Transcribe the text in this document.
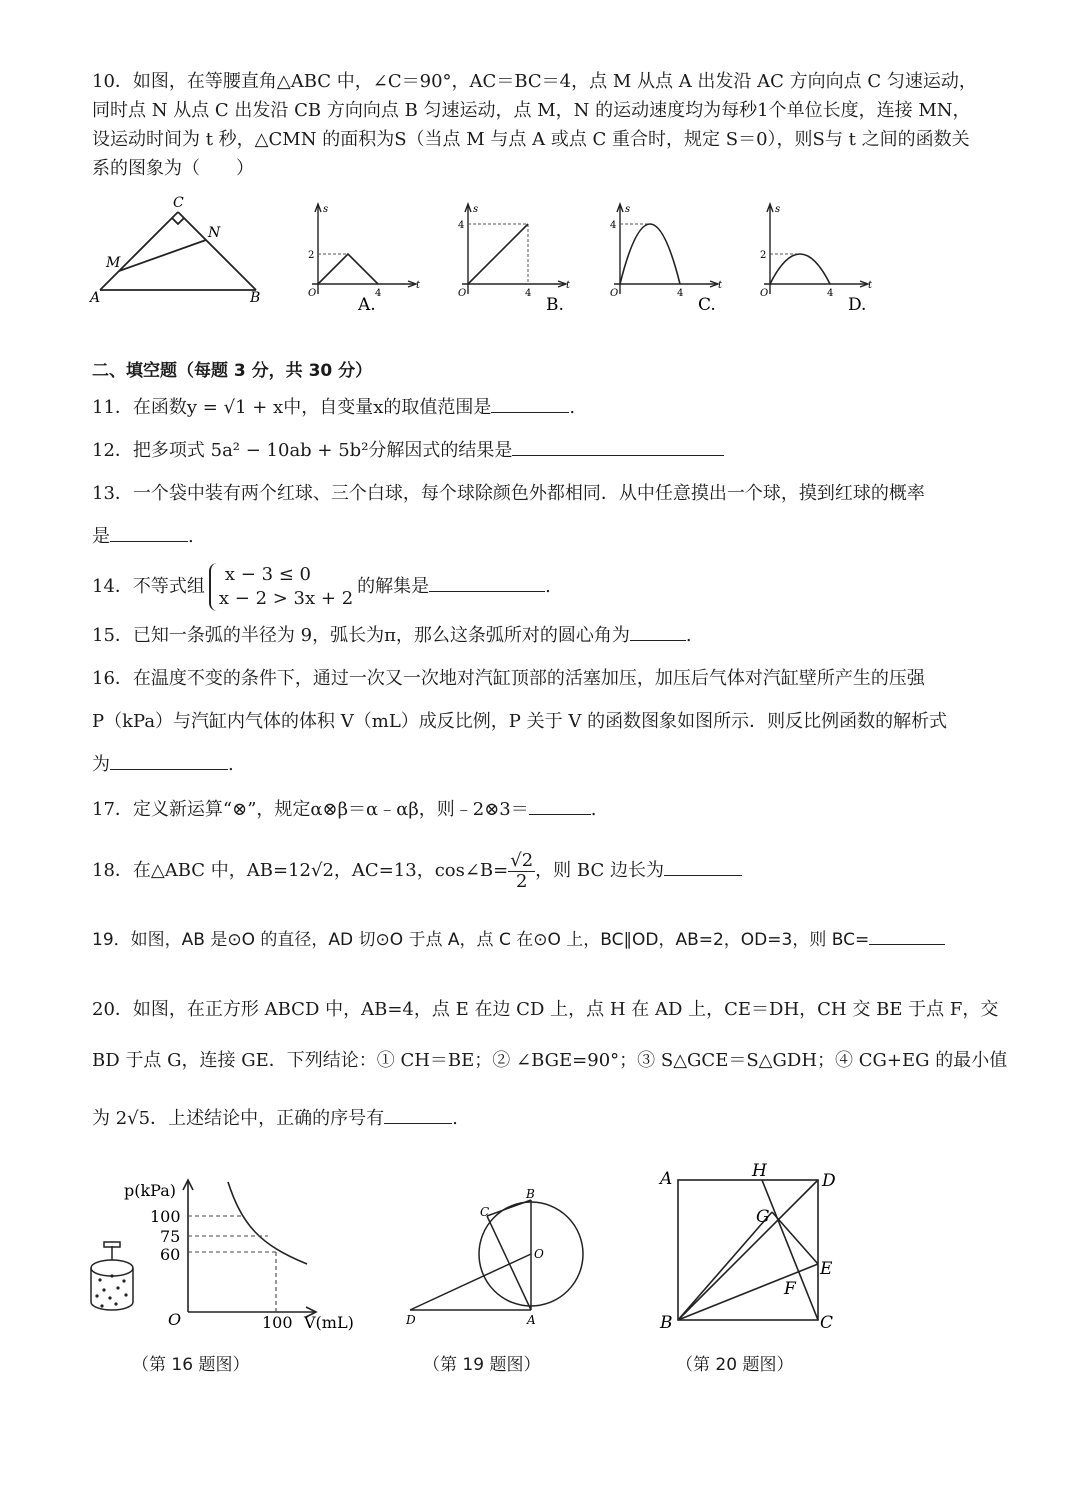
10．如图，在等腰直角△ABC 中，∠C＝90°，AC＝BC＝4，点 M 从点 A 出发沿 AC 方向向点 C 匀速运动，
同时点 N 从点 C 出发沿 CB 方向向点 B 匀速运动，点 M，N 的运动速度均为每秒1个单位长度，连接 MN，
设运动时间为 t 秒，△CMN 的面积为S（当点 M 与点 A 或点 C 重合时，规定 S＝0），则S与 t 之间的函数关
系的图象为（　　）
A	B
C
M
N
s
t
O
2
4
A.
s
t
O
4
4
B.
s
t
O
4
4
C.
s
t
O
2
4
D.
二、填空题（每题 3 分，共 30 分）
11．在函数y = √1 + x中，自变量x的取值范围是	.
12．把多项式 5a² − 10ab + 5b²分解因式的结果是
13．一个袋中装有两个红球、三个白球，每个球除颜色外都相同．从中任意摸出一个球，摸到红球的概率
是	.
14．不等式组
x − 3 ≤ 0
x − 2 > 3x + 2
的解集是	.
15．已知一条弧的半径为 9，弧长为π，那么这条弧所对的圆心角为	.
16．在温度不变的条件下，通过一次又一次地对汽缸顶部的活塞加压，加压后气体对汽缸壁所产生的压强
P（kPa）与汽缸内气体的体积 V（mL）成反比例，P 关于 V 的函数图象如图所示．则反比例函数的解析式
为	.
17．定义新运算“⊗”，规定α⊗β＝α﹣αβ，则﹣2⊗3＝	.
18．在△ABC 中，AB=12√2，AC=13，cos∠B= $\frac{√2}{2}$ ，则 BC 边长为
19．如图，AB 是⊙O 的直径，AD 切⊙O 于点 A，点 C 在⊙O 上，BC∥OD，AB=2，OD=3，则 BC=
20．如图，在正方形 ABCD 中，AB=4，点 E 在边 CD 上，点 H 在 AD 上，CE＝DH，CH 交 BE 于点 F，交
BD 于点 G，连接 GE．下列结论：① CH＝BE；② ∠BGE=90°；③ S△GCE＝S△GDH；④ CG+EG 的最小值
为 2√5．上述结论中，正确的序号有	.
p(kPa)
100
75
60
O	100 V(mL)
（第 16 题图）
B
C
O
D	A
（第 19 题图）
A	H	D
G
E
F
B	C
（第 20 题图）
